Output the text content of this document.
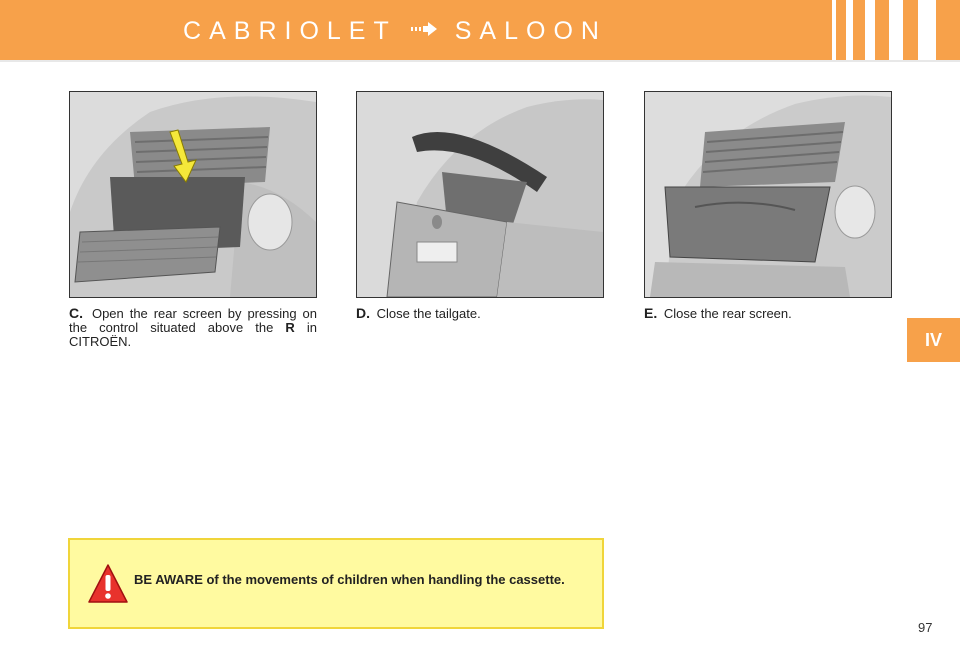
CABRIOLET SALOON
C. Open the rear screen by pressing on the control situated above the R in CITROËN.
D. Close the tailgate.	E. Close the rear screen.
IV
BE AWARE of the movements of children when handling the cassette.
97
